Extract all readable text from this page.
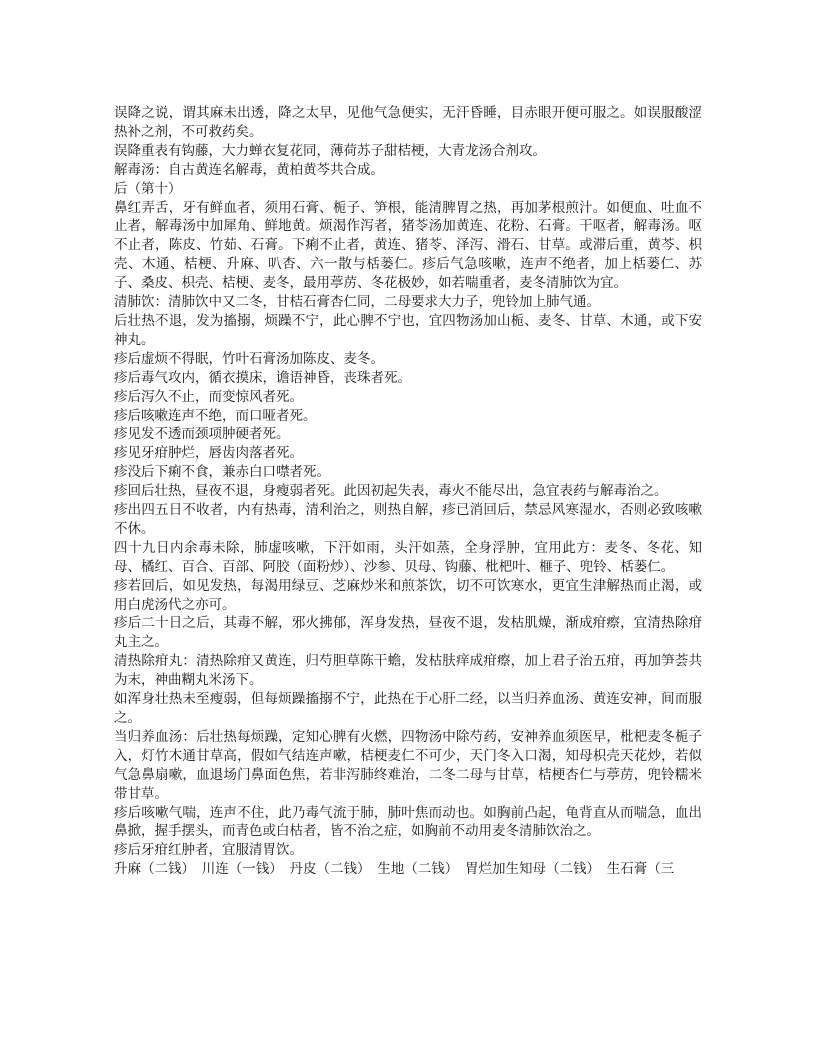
误降之说，谓其麻未出透，降之太早，见他气急便实，无汗昏睡，目赤眼开便可服之。如误服酸涩热补之剂，不可救药矣。

误降重表有钩藤，大力蝉衣复花同，薄荷苏子甜桔梗，大青龙汤合剂攻。

解毒汤：自古黄连名解毒，黄柏黄芩共合成。

后（第十）

鼻红弄舌，牙有鲜血者，须用石膏、栀子、笋根，能清脾胃之热，再加茅根煎汁。如便血、吐血不止者，解毒汤中加犀角、鲜地黄。烦渴作泻者，猪苓汤加黄连、花粉、石膏。干呕者，解毒汤。呕不止者，陈皮、竹茹、石膏。下痢不止者，黄连、猪苓、泽泻、滑石、甘草。或滞后重，黄芩、枳壳、木通、桔梗、升麻、叭杏、六一散与栝蒌仁。疹后气急咳嗽，连声不绝者，加上栝蒌仁、苏子、桑皮、枳壳、桔梗、麦冬，最用葶苈、冬花极妙，如若喘重者，麦冬清肺饮为宜。

清肺饮：清肺饮中又二冬，甘桔石膏杏仁同，二母要求大力子，兜铃加上肺气通。

后壮热不退，发为搐搦，烦躁不宁，此心脾不宁也，宜四物汤加山栀、麦冬、甘草、木通，或下安神丸。

疹后虚烦不得眠，竹叶石膏汤加陈皮、麦冬。

疹后毒气攻内，循衣摸床，谵语神昏，丧珠者死。

疹后泻久不止，而变惊风者死。

疹后咳嗽连声不绝，而口哑者死。

疹见发不透而颈项肿硬者死。

疹见牙疳肿烂，唇齿肉落者死。

疹没后下痢不食，兼赤白口噤者死。

疹回后壮热，昼夜不退，身瘦弱者死。此因初起失表，毒火不能尽出，急宜表药与解毒治之。

疹出四五日不收者，内有热毒，清利治之，则热自解，疹已消回后，禁忌风寒湿水，否则必致咳嗽不休。

四十九日内余毒未除，肺虚咳嗽，下汗如雨，头汗如蒸，全身浮肿，宜用此方：麦冬、冬花、知母、橘红、百合、百部、阿胶（面粉炒）、沙参、贝母、钩藤、枇杷叶、榧子、兜铃、栝蒌仁。

疹若回后，如见发热，每渴用绿豆、芝麻炒米和煎茶饮，切不可饮寒水，更宜生津解热而止渴，或用白虎汤代之亦可。

疹后二十日之后，其毒不解，邪火拂郁，浑身发热，昼夜不退，发枯肌燥，渐成疳瘵，宜清热除疳丸主之。

清热除疳丸：清热除疳又黄连，归芍胆草陈干蟾，发枯肤痒成疳瘵，加上君子治五疳，再加笋荟共为末，神曲糊丸米汤下。

如浑身壮热未至瘦弱，但每烦躁搐搦不宁，此热在于心肝二经，以当归养血汤、黄连安神，间而服之。

当归养血汤：后壮热每烦躁，定知心脾有火燃，四物汤中除芍药，安神养血须医早，枇杷麦冬栀子入，灯竹木通甘草高，假如气结连声嗽，桔梗麦仁不可少，天门冬入口渴，知母枳壳天花炒，若似气急鼻扇嗽，血退场门鼻面色焦，若非泻肺终难治，二冬二母与甘草，桔梗杏仁与葶苈，兜铃糯米带甘草。

疹后咳嗽气喘，连声不住，此乃毒气流于肺，肺叶焦而动也。如胸前凸起，龟背直从而喘急，血出鼻掀，握手摆头，而青色或白枯者，皆不治之症，如胸前不动用麦冬清肺饮治之。

疹后牙疳红肿者，宜服清胃饮。

升麻（二钱）　川连（一钱）　丹皮（二钱）　生地（二钱）　胃烂加生知母（二钱）　生石膏（三
